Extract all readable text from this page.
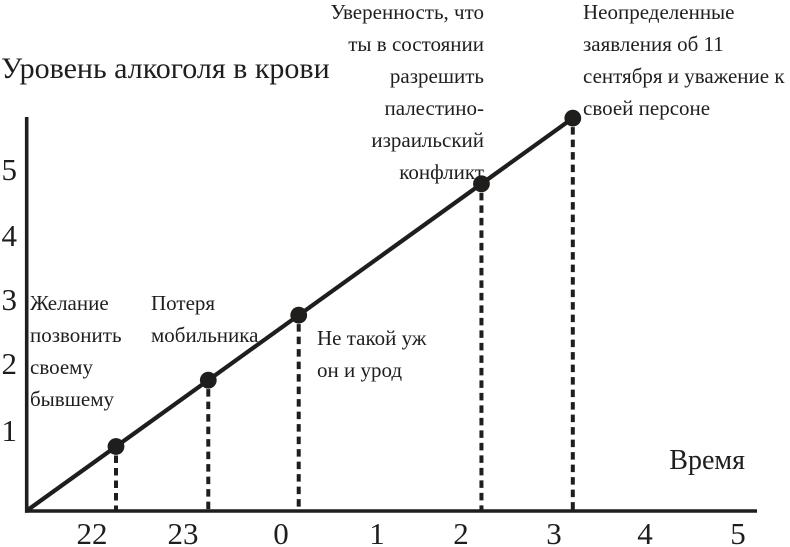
Уровень алкоголя в крови
Время
22	23	0	1	2	3	4	5
1
2
3
4
5
Желание
позвонить
своему
бывшему
Потеря
мобильника	Не такой уж
он и урод
Уверенность, что
ты в состоянии
разрешить
палестино-
израильский
конфликт
Неопределенные
заявления об 11
сентября и уважение к
своей персоне
